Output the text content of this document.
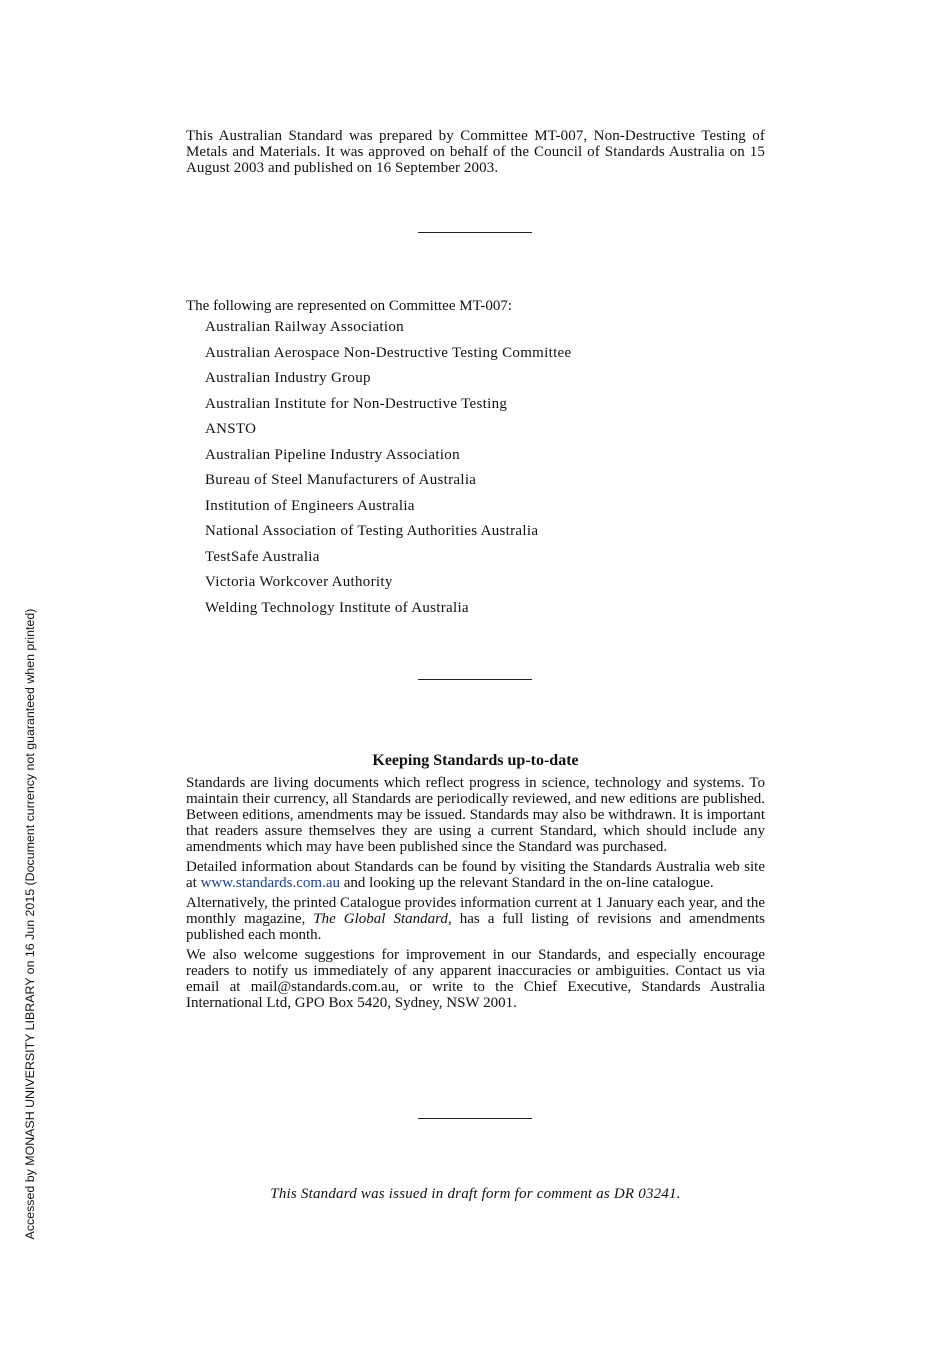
Accessed by MONASH UNIVERSITY LIBRARY on 16 Jun 2015 (Document currency not guaranteed when printed)
This Australian Standard was prepared by Committee MT-007, Non-Destructive Testing of Metals and Materials. It was approved on behalf of the Council of Standards Australia on 15 August 2003 and published on 16 September 2003.
The following are represented on Committee MT-007:
Australian Railway Association
Australian Aerospace Non-Destructive Testing Committee
Australian Industry Group
Australian Institute for Non-Destructive Testing
ANSTO
Australian Pipeline Industry Association
Bureau of Steel Manufacturers of Australia
Institution of Engineers Australia
National Association of Testing Authorities Australia
TestSafe Australia
Victoria Workcover Authority
Welding Technology Institute of Australia
Keeping Standards up-to-date

Standards are living documents which reflect progress in science, technology and systems. To maintain their currency, all Standards are periodically reviewed, and new editions are published. Between editions, amendments may be issued. Standards may also be withdrawn. It is important that readers assure themselves they are using a current Standard, which should include any amendments which may have been published since the Standard was purchased.

Detailed information about Standards can be found by visiting the Standards Australia web site at www.standards.com.au and looking up the relevant Standard in the on-line catalogue.

Alternatively, the printed Catalogue provides information current at 1 January each year, and the monthly magazine, The Global Standard, has a full listing of revisions and amendments published each month.

We also welcome suggestions for improvement in our Standards, and especially encourage readers to notify us immediately of any apparent inaccuracies or ambiguities. Contact us via email at mail@standards.com.au, or write to the Chief Executive, Standards Australia International Ltd, GPO Box 5420, Sydney, NSW 2001.

This Standard was issued in draft form for comment as DR 03241.
